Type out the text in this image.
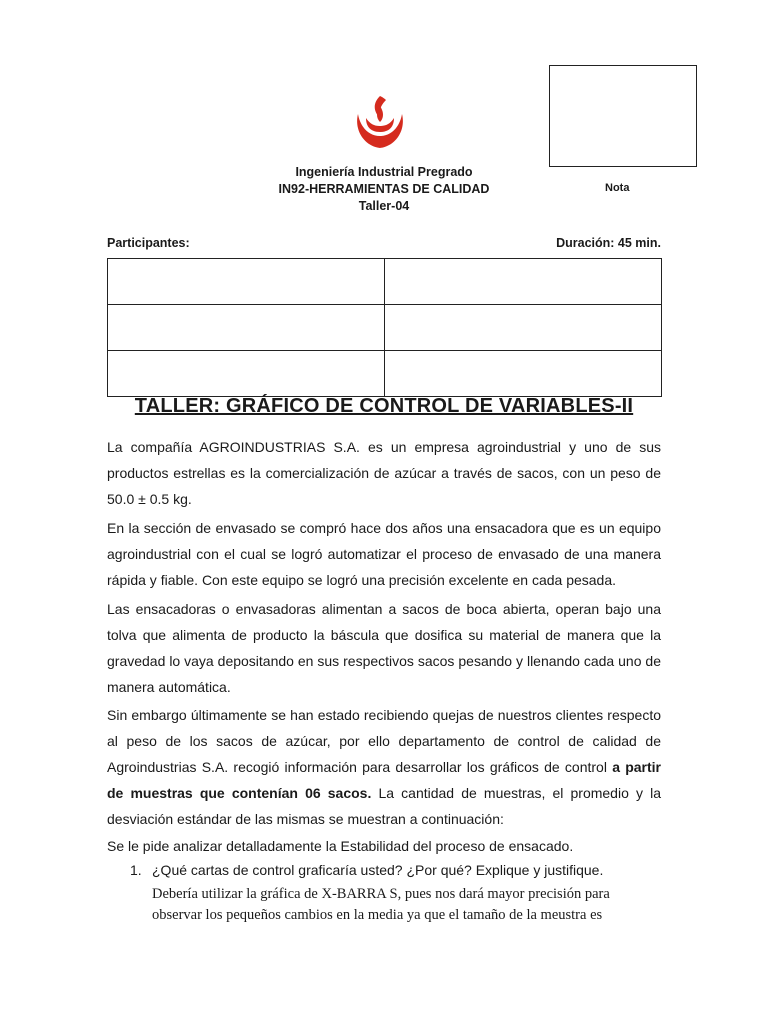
Nota
Ingeniería Industrial Pregrado
IN92-HERRAMIENTAS DE CALIDAD
Taller-04
Participantes:	Duración: 45 min.

TALLER: GRÁFICO DE CONTROL DE VARIABLES-II
La compañía AGROINDUSTRIAS S.A. es un empresa agroindustrial y uno de sus productos estrellas es la comercialización de azúcar a través de sacos, con un peso de 50.0 ± 0.5 kg.
En la sección de envasado se compró hace dos años una ensacadora que es un equipo agroindustrial con el cual se logró automatizar el proceso de envasado de una manera rápida y fiable. Con este equipo se logró una precisión excelente en cada pesada.
Las ensacadoras o envasadoras alimentan a sacos de boca abierta, operan bajo una tolva que alimenta de producto la báscula que dosifica su material de manera que la gravedad lo vaya depositando en sus respectivos sacos pesando y llenando cada uno de manera automática.
Sin embargo últimamente se han estado recibiendo quejas de nuestros clientes respecto al peso de los sacos de azúcar, por ello departamento de control de calidad de Agroindustrias S.A. recogió información para desarrollar los gráficos de control a partir de muestras que contenían 06 sacos. La cantidad de muestras, el promedio y la desviación estándar de las mismas se muestran a continuación:
Se le pide analizar detalladamente la Estabilidad del proceso de ensacado.
1. ¿Qué cartas de control graficaría usted? ¿Por qué? Explique y justifique.
Debería utilizar la gráfica de X-BARRA S, pues nos dará mayor precisión para observar los pequeños cambios en la media ya que el tamaño de la meustra es
